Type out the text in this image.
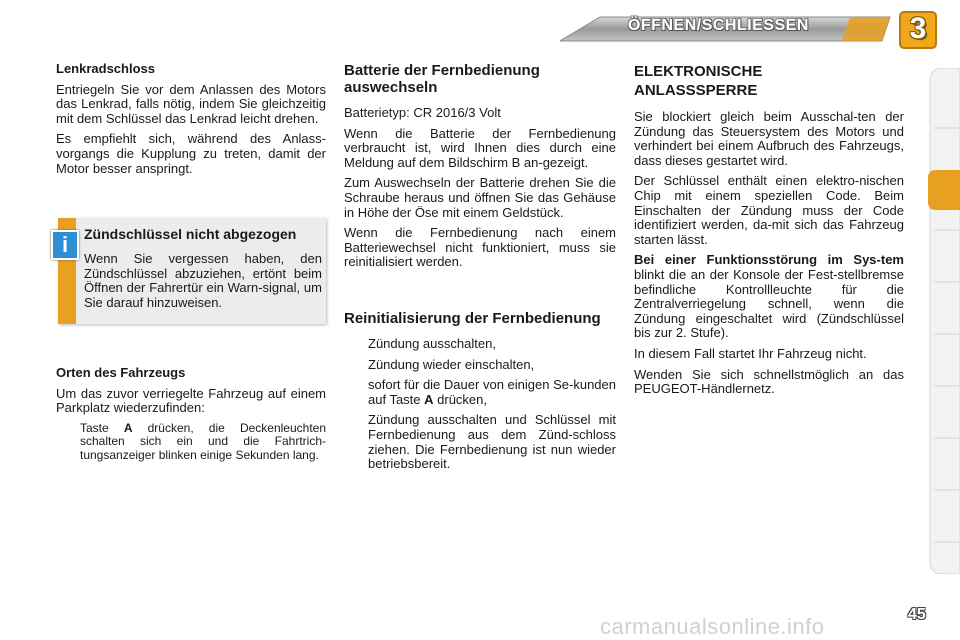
ÖFFNEN/SCHLIESSEN	3
Lenkradschloss

Entriegeln Sie vor dem Anlassen des Motors das Lenkrad, falls nötig, indem Sie gleichzeitig mit dem Schlüssel das Lenkrad leicht drehen.

Es empfiehlt sich, während des Anlass-vorgangs die Kupplung zu treten, damit der Motor besser anspringt.

i	Zündschlüssel nicht abgezogen

Wenn Sie vergessen haben, den Zündschlüssel abzuziehen, ertönt beim Öffnen der Fahrertür ein Warn-signal, um Sie darauf hinzuweisen.

Orten des Fahrzeugs

Um das zuvor verriegelte Fahrzeug auf einem Parkplatz wiederzufinden:

Taste A drücken, die Deckenleuchten schalten sich ein und die Fahrtrich-tungsanzeiger blinken einige Sekunden lang.
Batterie der Fernbedienung auswechseln

Batterietyp: CR 2016/3 Volt

Wenn die Batterie der Fernbedienung verbraucht ist, wird Ihnen dies durch eine Meldung auf dem Bildschirm B an-gezeigt.

Zum Auswechseln der Batterie drehen Sie die Schraube heraus und öffnen Sie das Gehäuse in Höhe der Öse mit einem Geldstück.

Wenn die Fernbedienung nach einem Batteriewechsel nicht funktioniert, muss sie reinitialisiert werden.

Reinitialisierung der Fernbedienung
Zündung ausschalten,
Zündung wieder einschalten,
sofort für die Dauer von einigen Se-kunden auf Taste A drücken,
Zündung ausschalten und Schlüssel mit Fernbedienung aus dem Zünd-schloss ziehen. Die Fernbedienung ist nun wieder betriebsbereit.
ELEKTRONISCHE ANLASSSPERRE

Sie blockiert gleich beim Ausschal-ten der Zündung das Steuersystem des Motors und verhindert bei einem Aufbruch des Fahrzeugs, dass dieses gestartet wird.

Der Schlüssel enthält einen elektro-nischen Chip mit einem speziellen Code. Beim Einschalten der Zündung muss der Code identifiziert werden, da-mit sich das Fahrzeug starten lässt.

Bei einer Funktionsstörung im Sys-tem blinkt die an der Konsole der Fest-stellbremse befindliche Kontrollleuchte für die Zentralverriegelung schnell, wenn die Zündung eingeschaltet wird (Zündschlüssel bis zur 2. Stufe).

In diesem Fall startet Ihr Fahrzeug nicht.

Wenden Sie sich schnellstmöglich an das PEUGEOT-Händlernetz.

carmanualsonline.info	45
